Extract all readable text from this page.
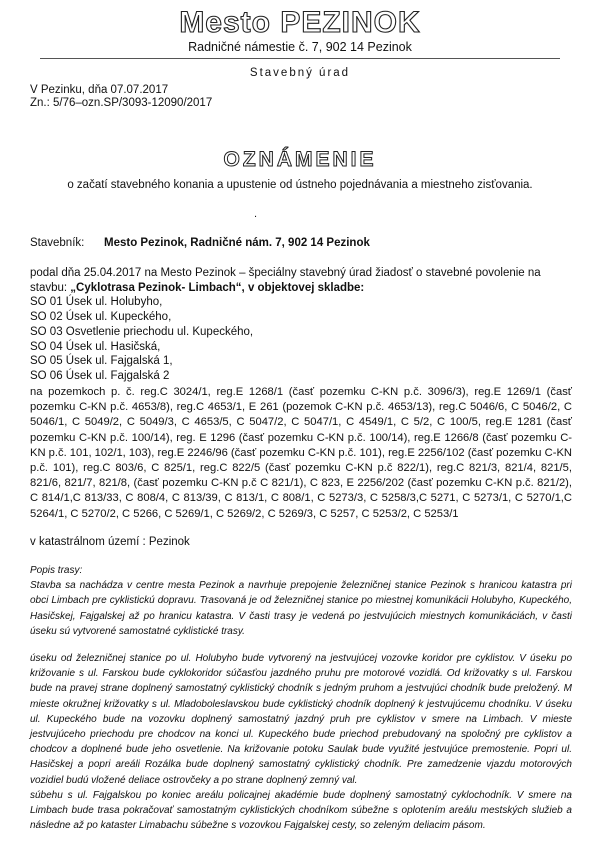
Mesto PEZINOK
Radničné námestie č. 7, 902 14 Pezinok
Stavebný úrad
V Pezinku, dňa 07.07.2017
Zn.: 5/76–ozn.SP/3093-12090/2017
OZNÁMENIE
o začatí stavebného konania a upustenie od ústneho pojednávania a miestneho zisťovania.
.
Stavebník: Mesto Pezinok, Radničné nám. 7, 902 14 Pezinok
podal dňa 25.04.2017 na Mesto Pezinok – špeciálny stavebný úrad žiadosť o stavebné povolenie na
stavbu: „Cyklotrasa Pezinok- Limbach“, v objektovej skladbe:
SO 01 Úsek ul. Holubyho,
SO 02 Úsek ul. Kupeckého,
SO 03 Osvetlenie priechodu ul. Kupeckého,
SO 04 Úsek ul. Hasičská,
SO 05 Úsek ul. Fajgalská 1,
SO 06 Úsek ul. Fajgalská 2
na pozemkoch p. č. reg.C 3024/1, reg.E 1268/1 (časť pozemku C-KN p.č. 3096/3), reg.E 1269/1 (časť pozemku C-KN p.č. 4653/8), reg.C 4653/1, E 261 (pozemok C-KN p.č. 4653/13), reg.C 5046/6, C 5046/2, C 5046/1, C 5049/2, C 5049/3, C 4653/5, C 5047/2, C 5047/1, C 4549/1, C 5/2, C 100/5, reg.E 1281 (časť pozemku C-KN p.č. 100/14), reg. E 1296 (časť pozemku C-KN p.č. 100/14), reg.E 1266/8 (časť pozemku C-KN p.č. 101, 102/1, 103), reg.E 2246/96 (časť pozemku C-KN p.č. 101), reg.E 2256/102 (časť pozemku C-KN p.č. 101), reg.C 803/6, C 825/1, reg.C 822/5 (časť pozemku C-KN p.č 822/1), reg.C 821/3, 821/4, 821/5, 821/6, 821/7, 821/8, (časť pozemku C-KN p.č C 821/1), C 823, E 2256/202 (časť pozemku C-KN p.č. 821/2), C 814/1,C 813/33, C 808/4, C 813/39, C 813/1, C 808/1, C 5273/3, C 5258/3,C 5271, C 5273/1, C 5270/1,C 5264/1, C 5270/2, C 5266, C 5269/1, C 5269/2, C 5269/3, C 5257, C 5253/2, C 5253/1
v katastrálnom území : Pezinok
Popis trasy:
Stavba sa nachádza v centre mesta Pezinok a navrhuje prepojenie železničnej stanice Pezinok s hranicou katastra pri obci Limbach pre cyklistickú dopravu. Trasovaná je od železničnej stanice po miestnej komunikácii Holubyho, Kupeckého, Hasičskej, Fajgalskej až po hranicu katastra. V časti trasy je vedená po jestvujúcich miestnych komunikáciách, v časti úseku sú vytvorené samostatné cyklistické trasy.
úseku od železničnej stanice po ul. Holubyho bude vytvorený na jestvujúcej vozovke koridor pre cyklistov. V úseku po križovanie s ul. Farskou bude cyklokoridor súčasťou jazdného pruhu pre motorové vozidlá. Od križovatky s ul. Farskou bude na pravej strane doplnený samostatný cyklistický chodník s jedným pruhom a jestvujúci chodník bude preložený. M mieste okružnej križovatky s ul. Mladoboleslavskou bude cyklistický chodník doplnený k jestvujúcemu chodníku. V úseku ul. Kupeckého bude na vozovku doplnený samostatný jazdný pruh pre cyklistov v smere na Limbach. V mieste jestvujúceho priechodu pre chodcov na konci ul. Kupeckého bude priechod prebudovaný na spoločný pre cyklistov a chodcov a doplnené bude jeho osvetlenie. Na križovanie potoku Saulak bude využité jestvujúce premostenie. Popri ul. Hasičskej a popri areáli Rozálka bude doplnený samostatný cyklistický chodník. Pre zamedzenie vjazdu motorových vozidiel budú vložené deliace ostrovčeky a po strane doplnený zemný val.
súbehu s ul. Fajgalskou po koniec areálu policajnej akadémie bude doplnený samostatný cyklochodník. V smere na Limbach bude trasa pokračovať samostatným cyklistických chodníkom súbežne s oplotením areálu mestských služieb a následne až po kataster Limabachu súbežne s vozovkou Fajgalskej cesty, so zeleným deliacim pásom.
